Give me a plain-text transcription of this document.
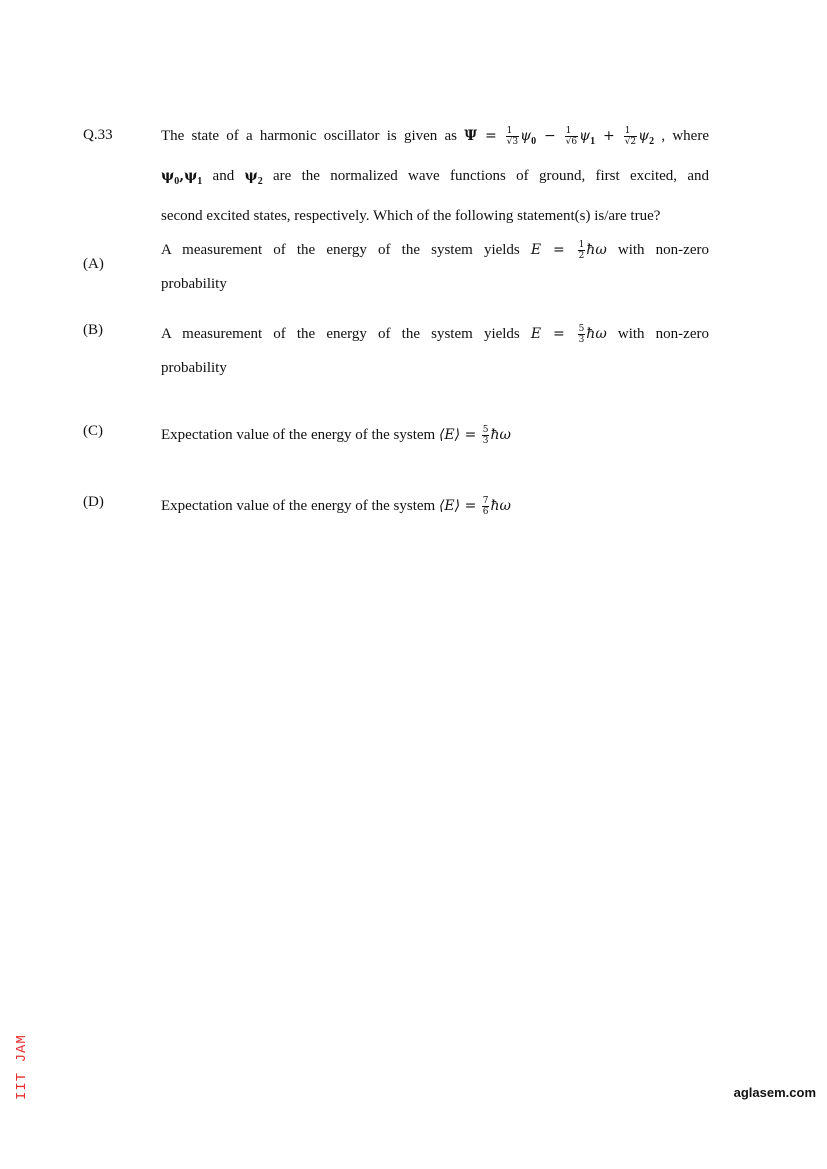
Q.33	The state of a harmonic oscillator is given as $\Psi = \frac{1}{√3} \psi_0 - \frac{1}{√6} \psi_1 + \frac{1}{√2} \psi_2$ , where
$\psi_0,\psi_1$ and $\psi_2$ are the normalized wave functions of ground, first excited, and
second excited states, respectively. Which of the following statement(s) is/are true?
(A)
A measurement of the energy of the system yields $E = \frac{1}{2}$ ħω with non-zero
probability
(B)	A measurement of the energy of the system yields $E = \frac{5}{3}$ ħω with non-zero
probability
(C)	Expectation value of the energy of the system ⟨E⟩ = $\frac{5}{3}$ ħω
(D)	Expectation value of the energy of the system ⟨E⟩ = $\frac{7}{6}$ ħω
IIT JAM	aglasem.com
